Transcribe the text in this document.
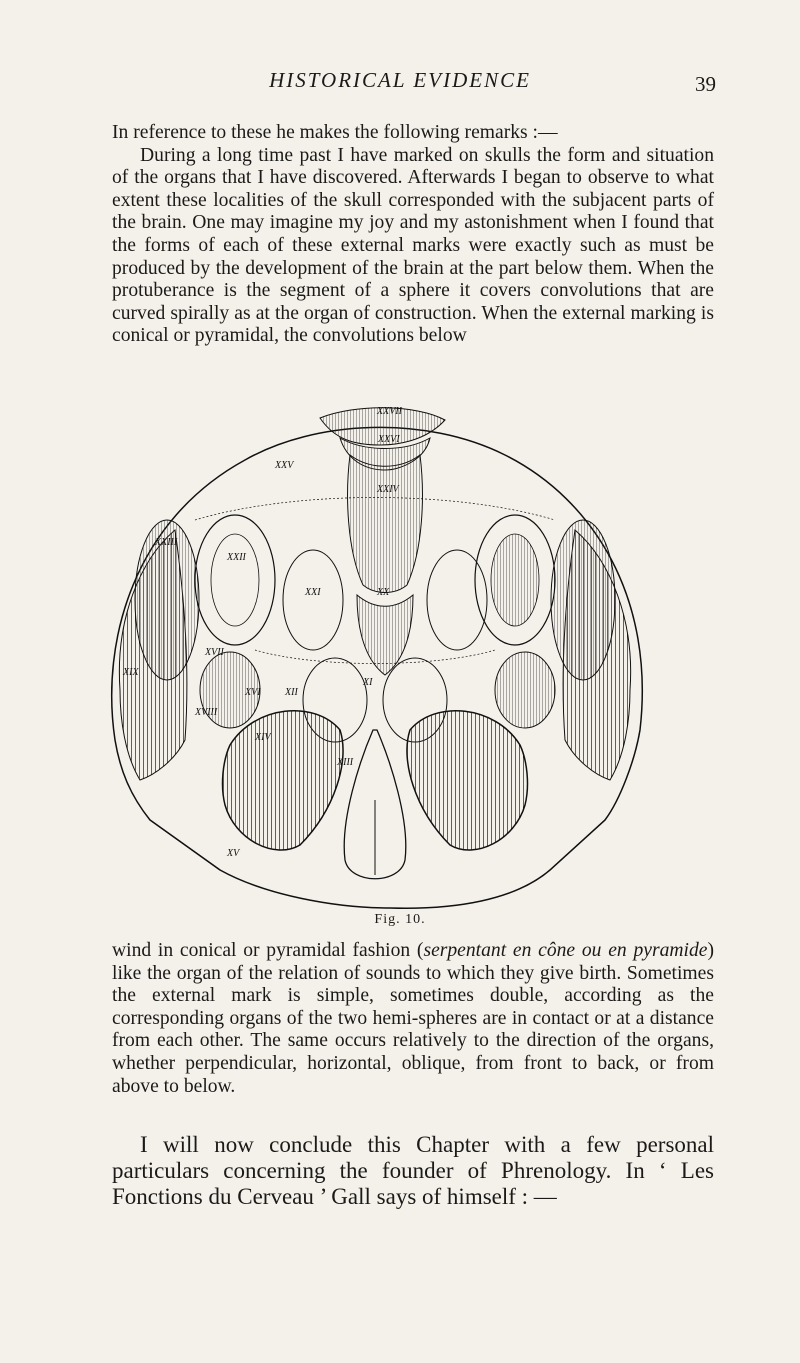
HISTORICAL EVIDENCE	39
In reference to these he makes the following remarks :—
During a long time past I have marked on skulls the form and situation of the organs that I have discovered. Afterwards I began to observe to what extent these localities of the skull corresponded with the subjacent parts of the brain. One may imagine my joy and my astonishment when I found that the forms of each of these external marks were exactly such as must be produced by the development of the brain at the part below them. When the protuberance is the segment of a sphere it covers convolutions that are curved spirally as at the organ of construction. When the external marking is conical or pyramidal, the convolutions below
XXVII
XXVI
XXV
XXIV
XXIII
XXII
XXI	XX
XVII
XIX
XVI XII
XI
XVIII
XIV
XIII
XV
Fig. 10.
wind in conical or pyramidal fashion (serpentant en cône ou en pyramide) like the organ of the relation of sounds to which they give birth. Sometimes the external mark is simple, sometimes double, according as the corresponding organs of the two hemi-spheres are in contact or at a distance from each other. The same occurs relatively to the direction of the organs, whether perpendicular, horizontal, oblique, from front to back, or from above to below.
I will now conclude this Chapter with a few personal particulars concerning the founder of Phrenology. In ‘ Les Fonctions du Cerveau ’ Gall says of himself : —
